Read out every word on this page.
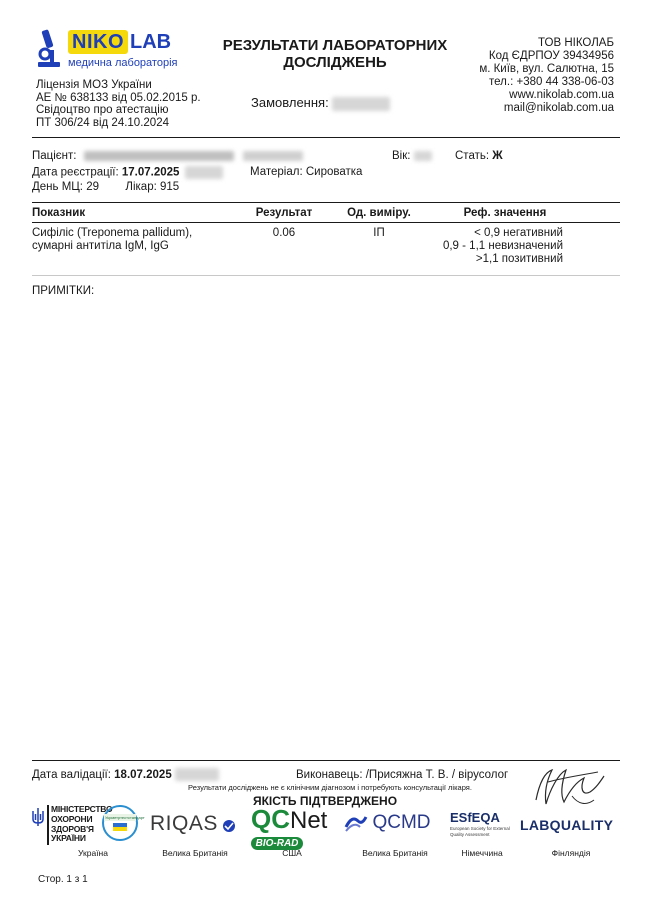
NIKO LAB
медична лабораторія
Ліцензія МОЗ України
АЕ № 638133 від 05.02.2015 р.
Свідоцтво про атестацію
ПТ 306/24 від 24.10.2024
РЕЗУЛЬТАТИ ЛАБОРАТОРНИХ
ДОСЛІДЖЕНЬ
Замовлення:
ТОВ НІКОЛАБ
Код ЄДРПОУ 39434956
м. Київ, вул. Салютна, 15
тел.: +380 44 338-06-03
www.nikolab.com.ua
mail@nikolab.com.ua
Пацієнт:	Вік:	Стать: Ж
Дата реєстрації: 17.07.2025	Матеріал: Сироватка
День МЦ: 29 Лікар: 915
Показник	Результат	Од. виміру.	Реф. значення
Сифіліс (Treponema pallidum),
сумарні антитіла IgM, IgG
0.06	ІП	< 0,9 негативний
0,9 - 1,1 невизначений
>1,1 позитивний
ПРИМІТКИ:
Дата валідації: 18.07.2025	Виконавець: /Присяжна Т. В. / вірусолог
Результати досліджень не є клінічним діагнозом і потребують консультації лікаря.
ЯКІСТЬ ПІДТВЕРДЖЕНО
МІНІСТЕРСТВО
ОХОРОНИ
ЗДОРОВ'Я
УКРАЇНИ
Укрметртестстандарт RIQAS	QCNet
BIO-RAD
QCMD ESfEQA
European Society for External Quality Assessment
LABQUALITY
Україна	Велика Британія	США	Велика Британія	Німеччина	Фінляндія
Стор. 1 з 1
